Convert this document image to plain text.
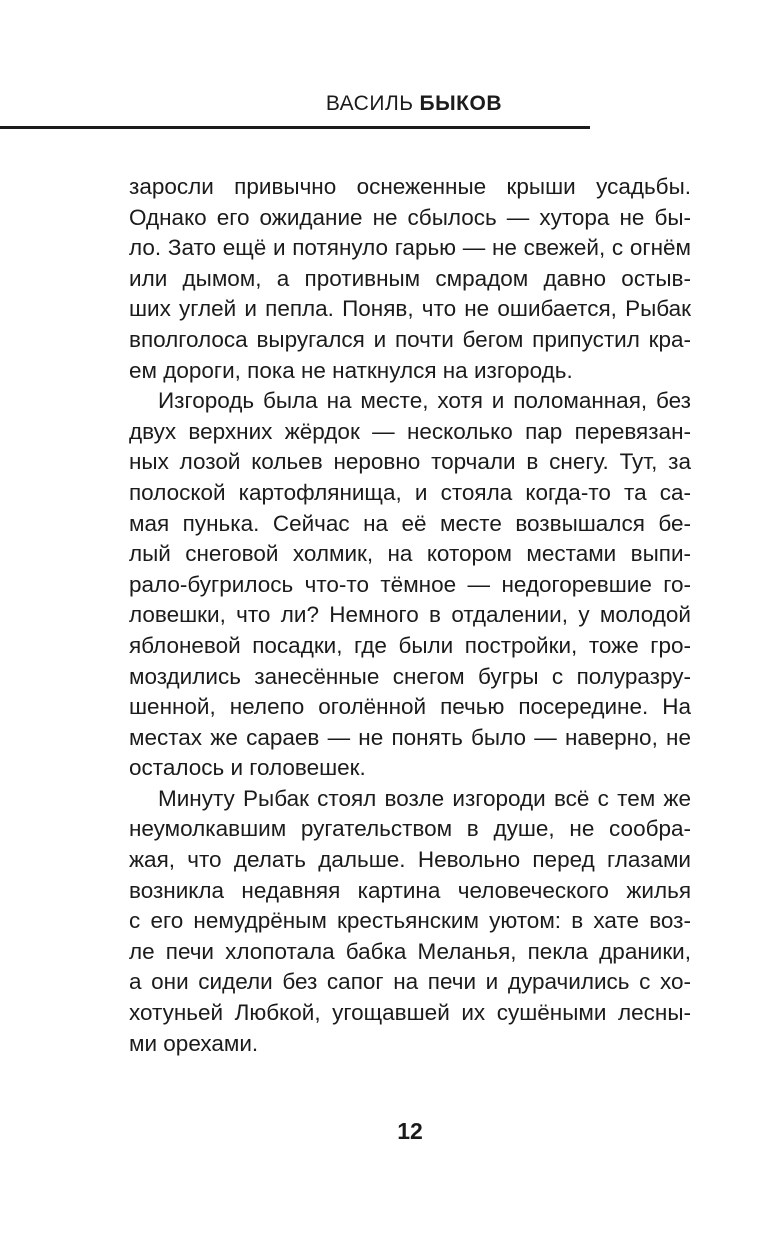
ВАСИЛЬ БЫКОВ
заросли привычно оснеженные крыши усадьбы.
Однако его ожидание не сбылось — хутора не бы-
ло. Зато ещё и потянуло гарью — не свежей, с огнём
или дымом, а противным смрадом давно остыв-
ших углей и пепла. Поняв, что не ошибается, Рыбак
вполголоса выругался и почти бегом припустил кра-
ем дороги, пока не наткнулся на изгородь.
Изгородь была на месте, хотя и поломанная, без
двух верхних жёрдок — несколько пар перевязан-
ных лозой кольев неровно торчали в снегу. Тут, за
полоской картофлянища, и стояла когда-то та са-
мая пунька. Сейчас на её месте возвышался бе-
лый снеговой холмик, на котором местами выпи-
рало-бугрилось что-то тёмное — недогоревшие го-
ловешки, что ли? Немного в отдалении, у молодой
яблоневой посадки, где были постройки, тоже гро-
моздились занесённые снегом бугры с полуразру-
шенной, нелепо оголённой печью посередине. На
местах же сараев — не понять было — наверно, не
осталось и головешек.
Минуту Рыбак стоял возле изгороди всё с тем же
неумолкавшим ругательством в душе, не сообра-
жая, что делать дальше. Невольно перед глазами
возникла недавняя картина человеческого жилья
с его немудрёным крестьянским уютом: в хате воз-
ле печи хлопотала бабка Меланья, пекла драники,
а они сидели без сапог на печи и дурачились с хо-
хотуньей Любкой, угощавшей их сушёными лесны-
ми орехами.
12
